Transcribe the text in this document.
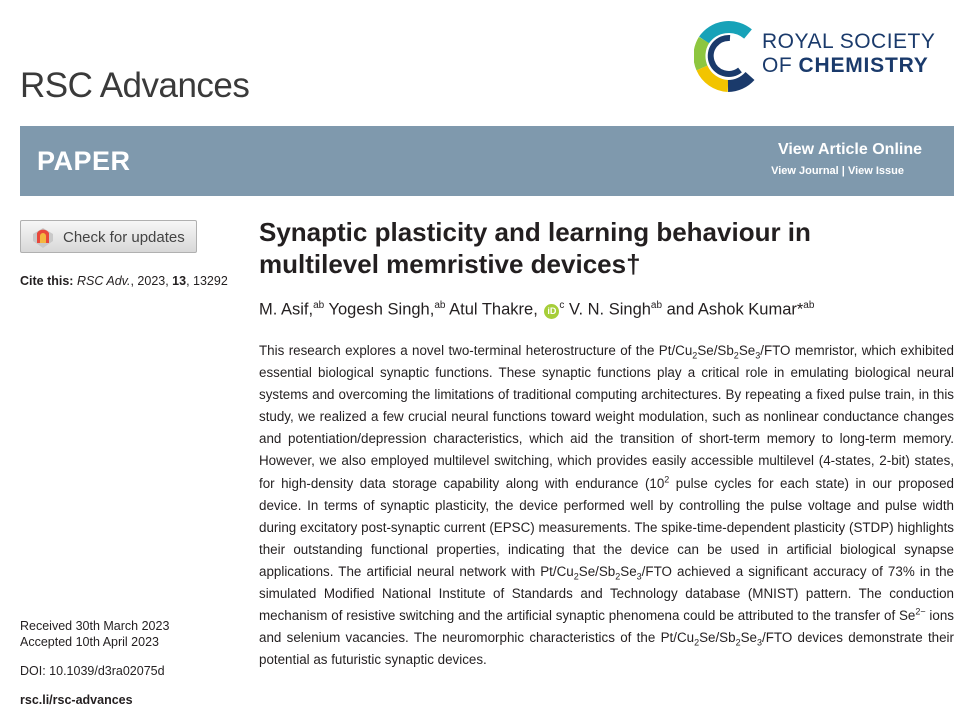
RSC Advances
ROYAL SOCIETY
OF CHEMISTRY
PAPER	View Article Online
View Journal | View Issue
Check for updates
Cite this: RSC Adv., 2023, 13, 13292
Received 30th March 2023
Accepted 10th April 2023
DOI: 10.1039/d3ra02075d
rsc.li/rsc-advances
Synaptic plasticity and learning behaviour in multilevel memristive devices†
M. Asif,$^{ab}$ Yogesh Singh,$^{ab}$ Atul Thakre, iD $^c$ V. N. Singh$^{ab}$ and Ashok Kumar*$^{ab}$
This research explores a novel two-terminal heterostructure of the $Pt/Cu_2Se/Sb_2Se_3$/FTO memristor, which exhibited essential biological synaptic functions. These synaptic functions play a critical role in emulating biological neural systems and overcoming the limitations of traditional computing architectures. By repeating a fixed pulse train, in this study, we realized a few crucial neural functions toward weight modulation, such as nonlinear conductance changes and potentiation/depression characteristics, which aid the transition of short-term memory to long-term memory. However, we also employed multilevel switching, which provides easily accessible multilevel (4-states, 2-bit) states, for high-density data storage capability along with endurance ($10^2$ pulse cycles for each state) in our proposed device. In terms of synaptic plasticity, the device performed well by controlling the pulse voltage and pulse width during excitatory post-synaptic current (EPSC) measurements. The spike-time-dependent plasticity (STDP) highlights their outstanding functional properties, indicating that the device can be used in artificial biological synapse applications. The artificial neural network with $Pt/Cu_2Se/Sb_2Se_3$/FTO achieved a significant accuracy of 73% in the simulated Modified National Institute of Standards and Technology database (MNIST) pattern. The conduction mechanism of resistive switching and the artificial synaptic phenomena could be attributed to the transfer of $Se^{2-}$ ions and selenium vacancies. The neuromorphic characteristics of the $Pt/Cu_2Se/Sb_2Se_3$/FTO devices demonstrate their potential as futuristic synaptic devices.
